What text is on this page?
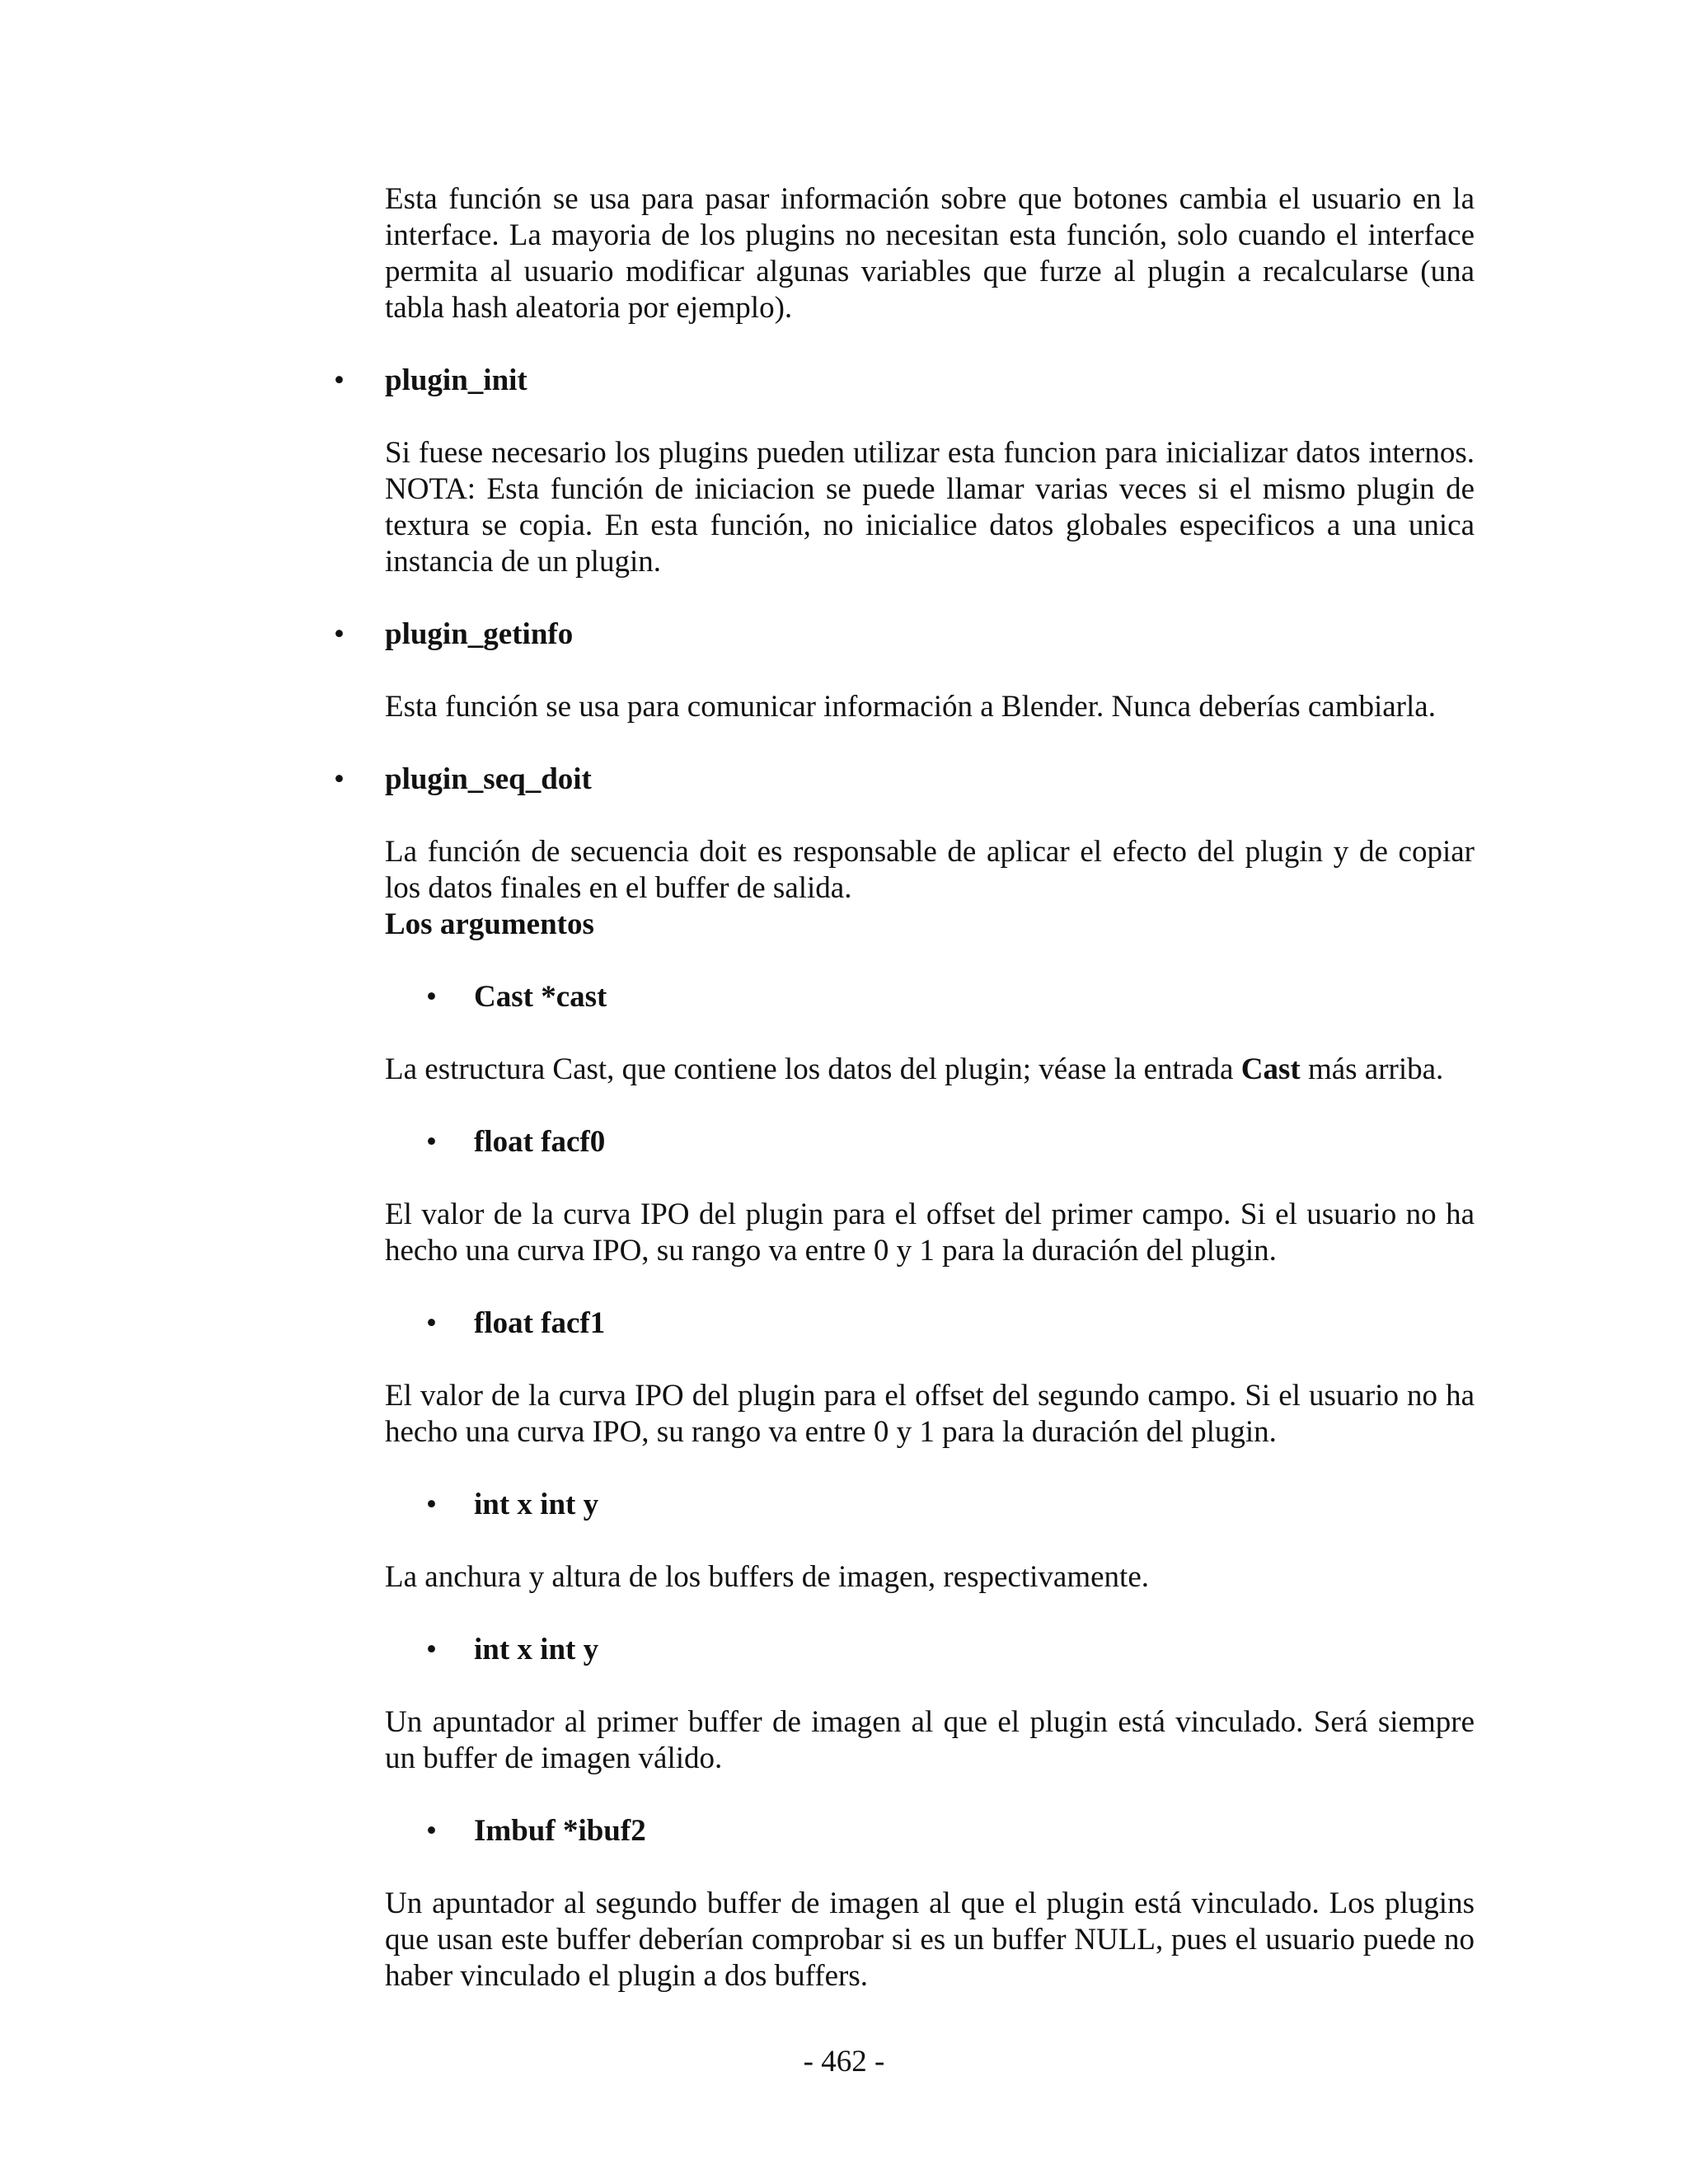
Esta función se usa para pasar información sobre que botones cambia el usuario en la interface. La mayoria de los plugins no necesitan esta función, solo cuando el interface permita al usuario modificar algunas variables que furze al plugin a recalcularse (una tabla hash aleatoria por ejemplo).

• plugin_init

Si fuese necesario los plugins pueden utilizar esta funcion para inicializar datos internos. NOTA: Esta función de iniciacion se puede llamar varias veces si el mismo plugin de textura se copia. En esta función, no inicialice datos globales especificos a una unica instancia de un plugin.

• plugin_getinfo

Esta función se usa para comunicar información a Blender. Nunca deberías cambiarla.

• plugin_seq_doit

La función de secuencia doit es responsable de aplicar el efecto del plugin y de copiar los datos finales en el buffer de salida.

Los argumentos
• Cast *cast

La estructura Cast, que contiene los datos del plugin; véase la entrada Cast más arriba.

• float facf0

El valor de la curva IPO del plugin para el offset del primer campo. Si el usuario no ha hecho una curva IPO, su rango va entre 0 y 1 para la duración del plugin.

• float facf1

El valor de la curva IPO del plugin para el offset del segundo campo. Si el usuario no ha hecho una curva IPO, su rango va entre 0 y 1 para la duración del plugin.

• int x int y

La anchura y altura de los buffers de imagen, respectivamente.

• int x int y

Un apuntador al primer buffer de imagen al que el plugin está vinculado. Será siempre un buffer de imagen válido.

• Imbuf *ibuf2

Un apuntador al segundo buffer de imagen al que el plugin está vinculado. Los plugins que usan este buffer deberían comprobar si es un buffer NULL, pues el usuario puede no haber vinculado el plugin a dos buffers.

- 462 -
